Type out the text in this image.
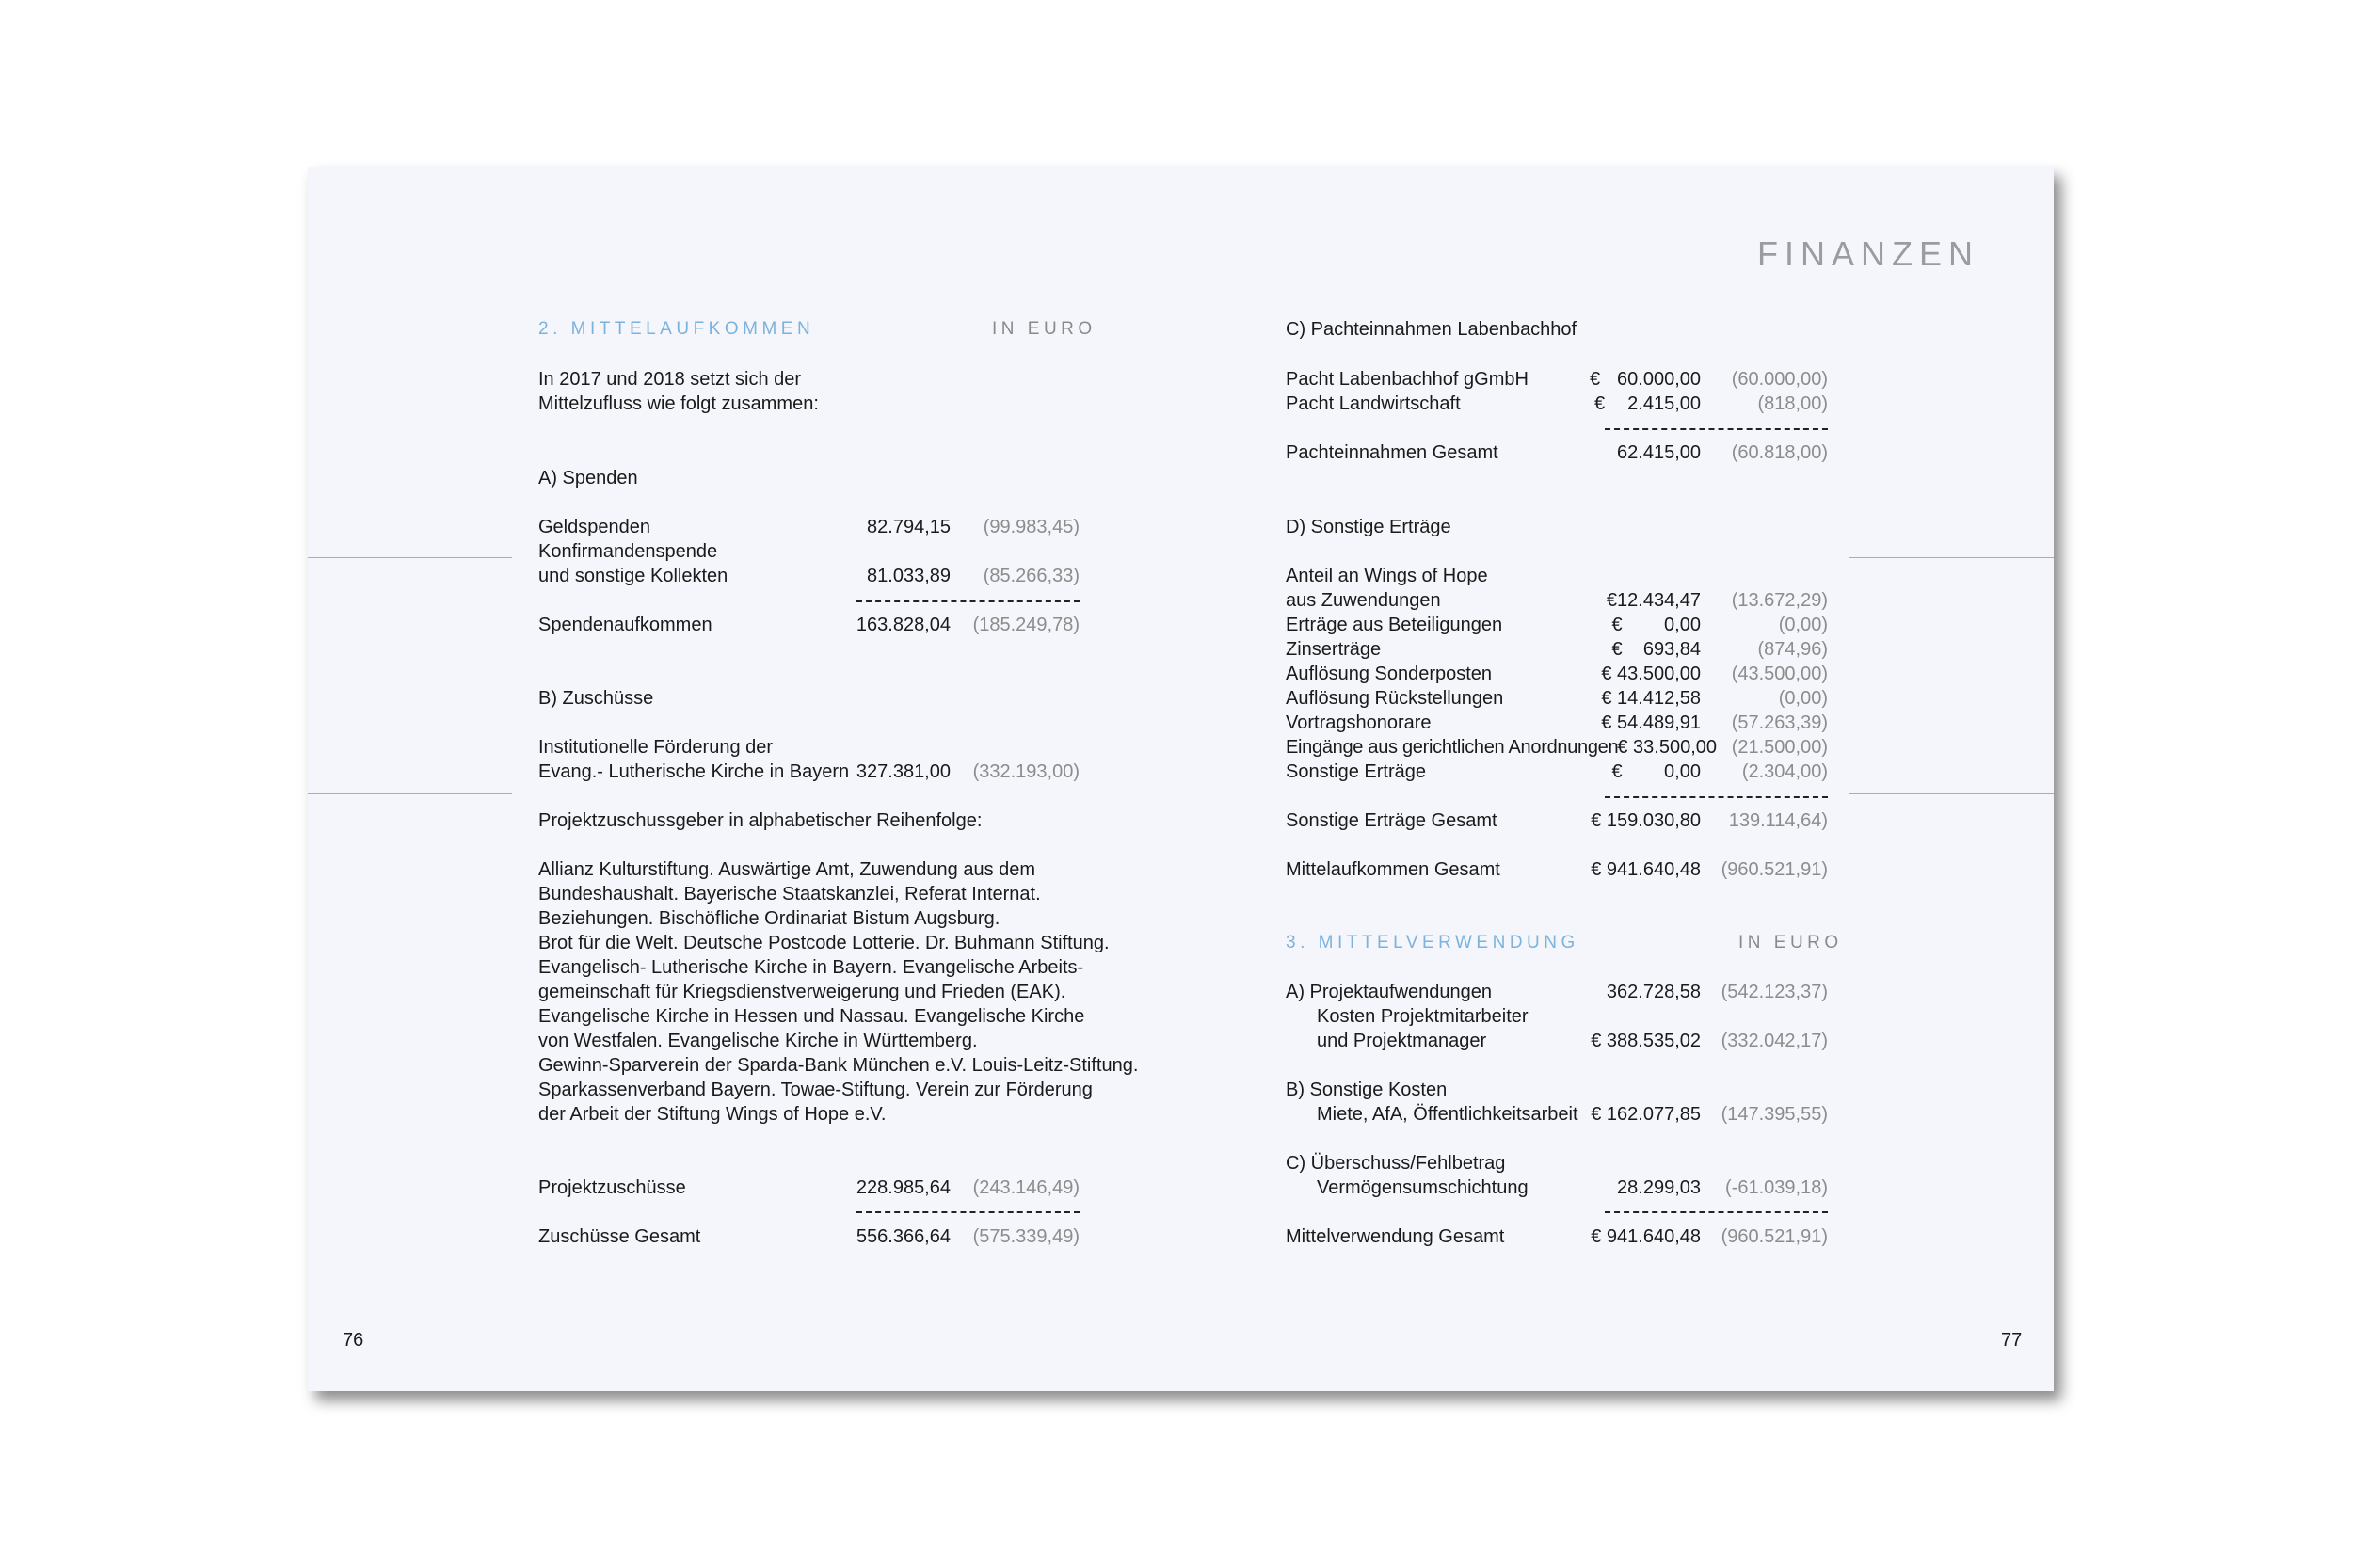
FINANZEN
2. MITTELAUFKOMMEN	IN EURO
In 2017 und 2018 setzt sich der
Mittelzufluss wie folgt zusammen:
A) Spenden
Geldspenden	82.794,15	(99.983,45)
Konfirmandenspende
und sonstige Kollekten	81.033,89	(85.266,33)
Spendenaufkommen	163.828,04	(185.249,78)
B) Zuschüsse
Institutionelle Förderung der
Evang.- Lutherische Kirche in Bayern 327.381,00	(332.193,00)
Projektzuschussgeber in alphabetischer Reihenfolge:
Allianz Kulturstiftung. Auswärtige Amt, Zuwendung aus dem
Bundeshaushalt. Bayerische Staatskanzlei, Referat Internat.
Beziehungen. Bischöfliche Ordinariat Bistum Augsburg.
Brot für die Welt. Deutsche Postcode Lotterie. Dr. Buhmann Stiftung.
Evangelisch- Lutherische Kirche in Bayern. Evangelische Arbeits-
gemeinschaft für Kriegsdienstverweigerung und Frieden (EAK).
Evangelische Kirche in Hessen und Nassau. Evangelische Kirche
von Westfalen. Evangelische Kirche in Württemberg.
Gewinn-Sparverein der Sparda-Bank München e.V. Louis-Leitz-Stiftung.
Sparkassenverband Bayern. Towae-Stiftung. Verein zur Förderung
der Arbeit der Stiftung Wings of Hope e.V.
Projektzuschüsse	228.985,64	(243.146,49)
Zuschüsse Gesamt	556.366,64	(575.339,49)
76
C) Pachteinnahmen Labenbachhof
Pacht Labenbachhof gGmbH	€ 60.000,00	(60.000,00)
Pacht Landwirtschaft	€	2.415,00	(818,00)
Pachteinnahmen Gesamt	62.415,00	(60.818,00)
D) Sonstige Erträge
Anteil an Wings of Hope
aus Zuwendungen	€12.434,47	(13.672,29)
Erträge aus Beteiligungen	€        0,00	(0,00)
Zinserträge	€    693,84	(874,96)
Auflösung Sonderposten	€ 43.500,00	(43.500,00)
Auflösung Rückstellungen	€ 14.412,58	(0,00)
Vortragshonorare	€ 54.489,91	(57.263,39)
Eingänge aus gerichtlichen Anordnungen € 33.500,00 (21.500,00)
Sonstige Erträge	€        0,00	(2.304,00)
Sonstige Erträge Gesamt	€ 159.030,80	139.114,64)
Mittelaufkommen Gesamt	€ 941.640,48	(960.521,91)
3. MITTELVERWENDUNG	IN EURO
A) Projektaufwendungen	362.728,58	(542.123,37)
Kosten Projektmitarbeiter
und Projektmanager	€ 388.535,02	(332.042,17)
B) Sonstige Kosten
Miete, AfA, Öffentlichkeitsarbeit € 162.077,85	(147.395,55)
C) Überschuss/Fehlbetrag
Vermögensumschichtung	28.299,03	(-61.039,18)
Mittelverwendung Gesamt	€ 941.640,48	(960.521,91)
77
